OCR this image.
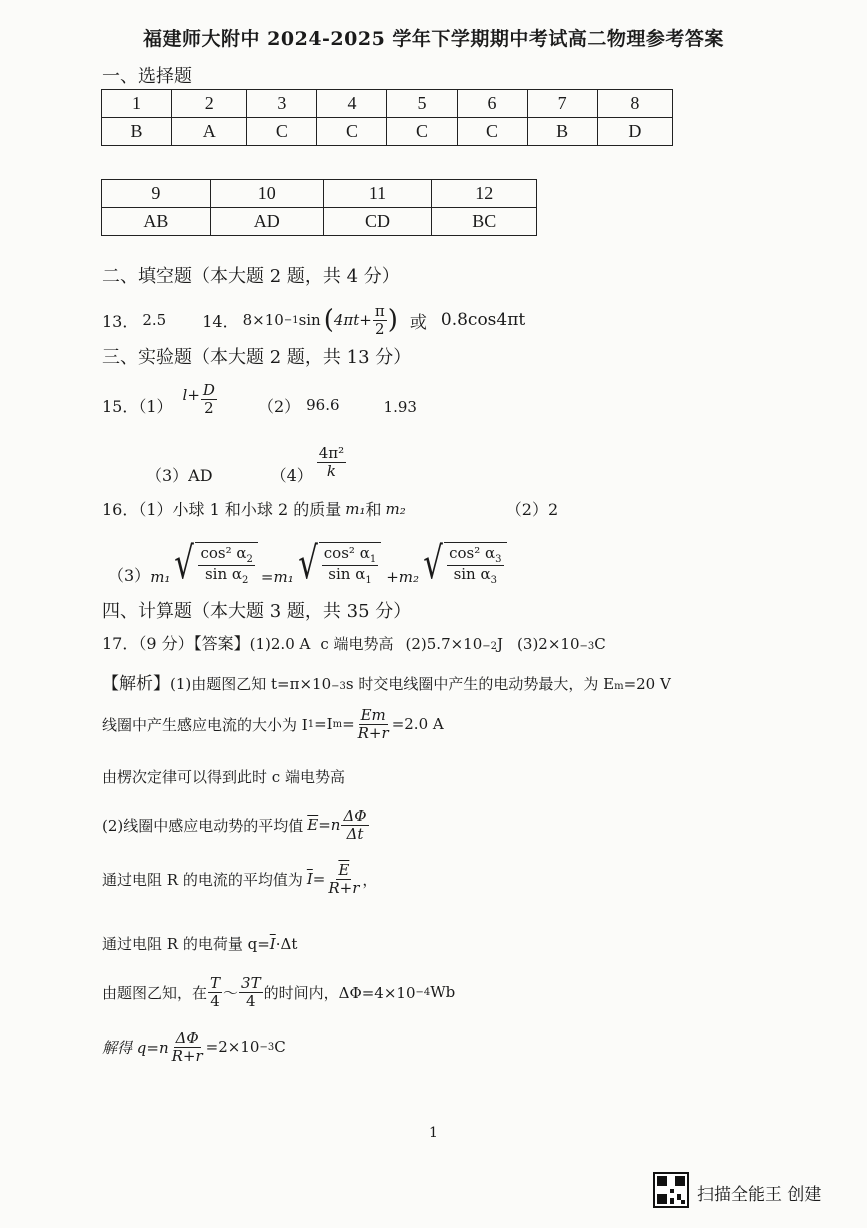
福建师大附中 2024-2025 学年下学期期中考试高二物理参考答案
一、选择题
1	2	3	4	5	6	7	8
B	A	C	C	C	C	B	D
9	10	11	12
AB	AD	CD	BC
二、填空题（本大题 2 题，共 4 分）
13． 2.5 14． 8×10 −1 sin ( $4\pi t+ \frac{\pi}{2}$ ) 或 0.8cos4πt
三、实验题（本大题 2 题，共 13 分）
15．（1）
$l+ \frac{D}{2}$	（2） 96.6	1.93
（3）AD	$(4) \frac{\text{4π²}}{k}$
16．（1）小球 1 和小球 2 的质量 m₁ 和 m₂	（2）2
（3） m₁ √ $\frac{\cos^2 \alpha_2}{\sin \alpha_2} = m_1$ √ $\frac{\cos^2 \alpha_1}{\sin \alpha_1} + m_2$ √ $\frac{\cos^2 \alpha_3}{\sin \alpha_3}$
四、计算题（本大题 3 题，共 35 分）
17．（9 分）【答案】 (1)2.0 A c 端电势高 (2)5.7×10 −2 J (3)2×10 −3 C
【解析】 (1)由题图乙知 $t=\pi\times 10_{-3}$ s 时交电线圈中产生的电动势最大，为 $E_m =20$ V
线圈中产生感应电流的大小为 I 1 =I $m = \frac{Em}{R+r} =2.0$ A
由楞次定律可以得到此时 c 端电势高
(2)线圈中感应电动势的平均值 $\overline{E} =n \frac{\Delta\Phi}{\Delta t}$
通过电阻 R 的电流的平均值为 $\overline{I} = \frac{\overline{E}}{R+r}$ ，
通过电阻 R 的电荷量 $q= \overline{I} \cdot\Delta t$
由题图乙知，在 $\frac{T}{4}$ ～ $\frac{3T}{4}$ 的时间内，ΔΦ=4×10 −4 Wb
解得 $q=n \frac{\Delta\Phi}{R+r} =2\times 10 -3$ C
1
扫描全能王 创建
